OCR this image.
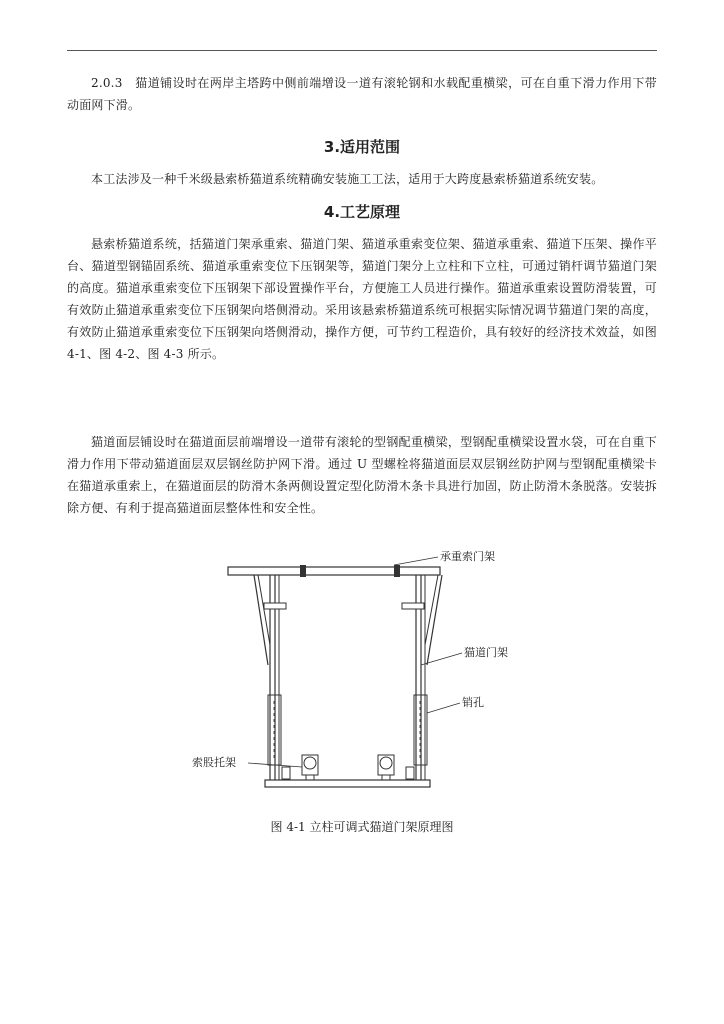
2.0.3 猫道铺设时在两岸主塔跨中侧前端增设一道有滚轮钢和水载配重横梁，可在自重下滑力作用下带动面网下滑。
3.适用范围
本工法涉及一种千米级悬索桥猫道系统精确安装施工工法，适用于大跨度悬索桥猫道系统安装。
4.工艺原理
悬索桥猫道系统，括猫道门架承重索、猫道门架、猫道承重索变位架、猫道承重索、猫道下压架、操作平台、猫道型钢锚固系统、猫道承重索变位下压钢架等，猫道门架分上立柱和下立柱，可通过销杆调节猫道门架的高度。猫道承重索变位下压钢架下部设置操作平台，方便施工人员进行操作。猫道承重索设置防滑装置，可有效防止猫道承重索变位下压钢架向塔侧滑动。采用该悬索桥猫道系统可根据实际情况调节猫道门架的高度，有效防止猫道承重索变位下压钢架向塔侧滑动，操作方便，可节约工程造价，具有较好的经济技术效益，如图 4-1、图 4-2、图 4-3 所示。
猫道面层铺设时在猫道面层前端增设一道带有滚轮的型钢配重横梁，型钢配重横梁设置水袋，可在自重下滑力作用下带动猫道面层双层钢丝防护网下滑。通过 U 型螺栓将猫道面层双层钢丝防护网与型钢配重横梁卡在猫道承重索上，在猫道面层的防滑木条两侧设置定型化防滑木条卡具进行加固，防止防滑木条脱落。安装拆除方便、有利于提高猫道面层整体性和安全性。
承重索门架
猫道门架
销孔
索股托架
图 4-1 立柱可调式猫道门架原理图
